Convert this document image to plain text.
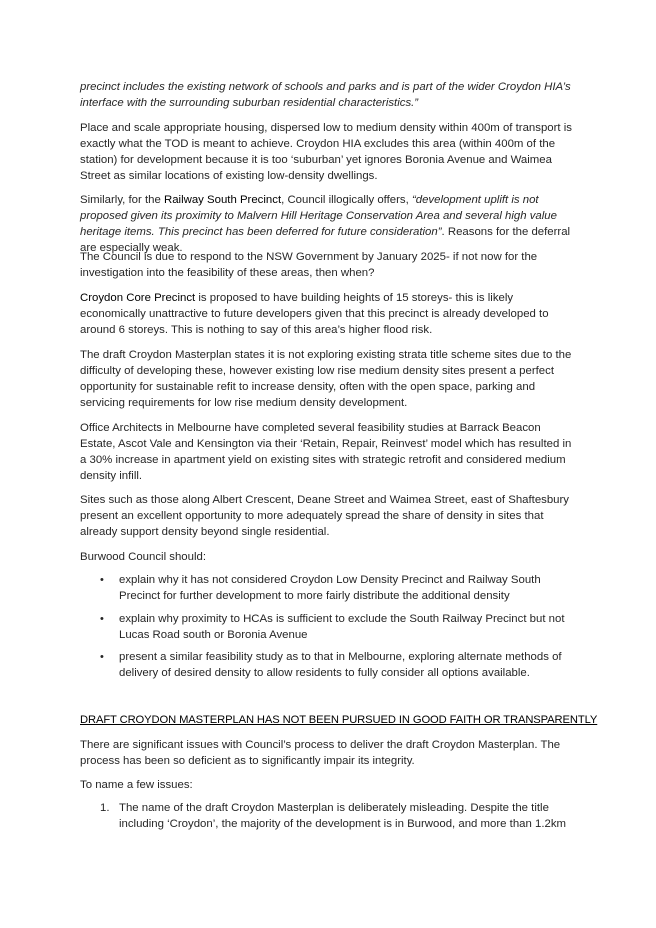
precinct includes the existing network of schools and parks and is part of the wider Croydon HIA’s interface with the surrounding suburban residential characteristics.”

Place and scale appropriate housing, dispersed low to medium density within 400m of transport is exactly what the TOD is meant to achieve. Croydon HIA excludes this area (within 400m of the station) for development because it is too ‘suburban’ yet ignores Boronia Avenue and Waimea Street as similar locations of existing low-density dwellings.

Similarly, for the Railway South Precinct, Council illogically offers, “development uplift is not proposed given its proximity to Malvern Hill Heritage Conservation Area and several high value heritage items. This precinct has been deferred for future consideration”. Reasons for the deferral are especially weak.

The Council is due to respond to the NSW Government by January 2025- if not now for the investigation into the feasibility of these areas, then when?

Croydon Core Precinct is proposed to have building heights of 15 storeys- this is likely economically unattractive to future developers given that this precinct is already developed to around 6 storeys. This is nothing to say of this area’s higher flood risk.

The draft Croydon Masterplan states it is not exploring existing strata title scheme sites due to the difficulty of developing these, however existing low rise medium density sites present a perfect opportunity for sustainable refit to increase density, often with the open space, parking and servicing requirements for low rise medium density development.

Office Architects in Melbourne have completed several feasibility studies at Barrack Beacon Estate, Ascot Vale and Kensington via their ‘Retain, Repair, Reinvest’ model which has resulted in a 30% increase in apartment yield on existing sites with strategic retrofit and considered medium density infill.

Sites such as those along Albert Crescent, Deane Street and Waimea Street, east of Shaftesbury present an excellent opportunity to more adequately spread the share of density in sites that already support density beyond single residential.

Burwood Council should:

• explain why it has not considered Croydon Low Density Precinct and Railway South Precinct for further development to more fairly distribute the additional density

• explain why proximity to HCAs is sufficient to exclude the South Railway Precinct but not Lucas Road south or Boronia Avenue

• present a similar feasibility study as to that in Melbourne, exploring alternate methods of delivery of desired density to allow residents to fully consider all options available.

DRAFT CROYDON MASTERPLAN HAS NOT BEEN PURSUED IN GOOD FAITH OR TRANSPARENTLY

There are significant issues with Council’s process to deliver the draft Croydon Masterplan. The process has been so deficient as to significantly impair its integrity.

To name a few issues:

1. The name of the draft Croydon Masterplan is deliberately misleading. Despite the title including ‘Croydon’, the majority of the development is in Burwood, and more than 1.2km
